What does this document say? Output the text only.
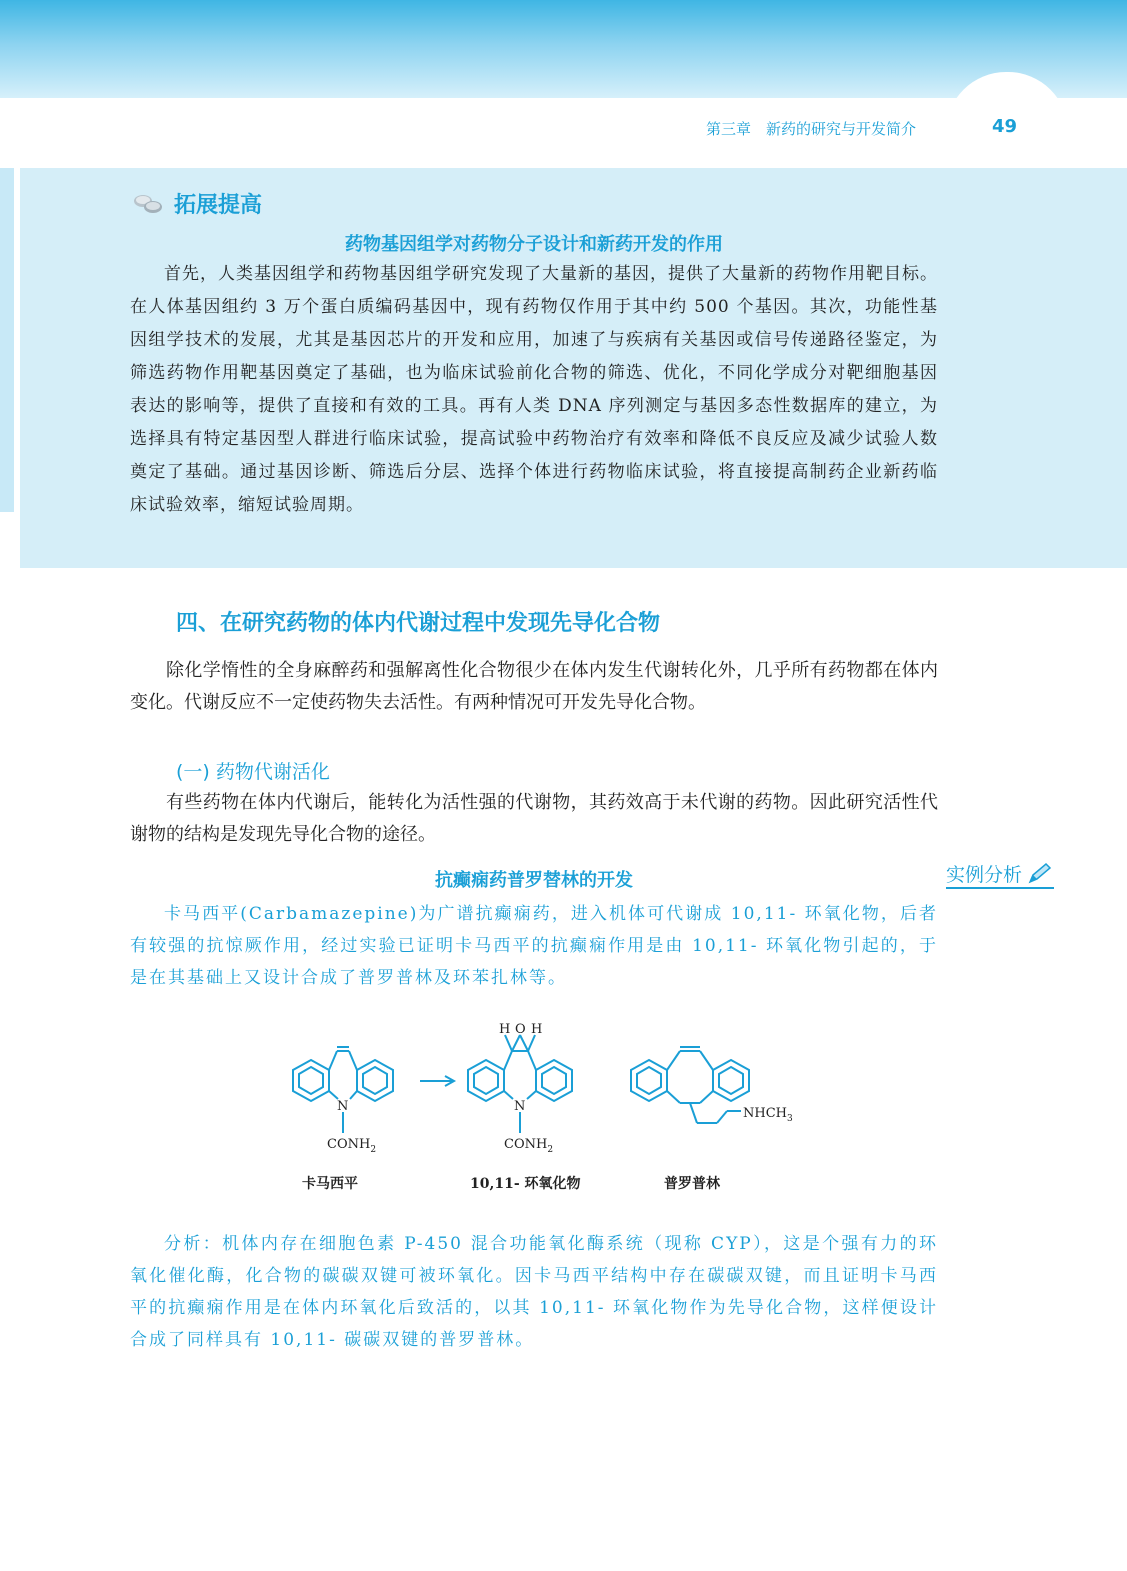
第三章　新药的研究与开发简介	49
拓展提高
药物基因组学对药物分子设计和新药开发的作用
首先，人类基因组学和药物基因组学研究发现了大量新的基因，提供了大量新的药物作用靶目标。在人体基因组约 3 万个蛋白质编码基因中，现有药物仅作用于其中约 500 个基因。其次，功能性基因组学技术的发展，尤其是基因芯片的开发和应用，加速了与疾病有关基因或信号传递路径鉴定，为筛选药物作用靶基因奠定了基础，也为临床试验前化合物的筛选、优化，不同化学成分对靶细胞基因表达的影响等，提供了直接和有效的工具。再有人类 DNA 序列测定与基因多态性数据库的建立，为选择具有特定基因型人群进行临床试验，提高试验中药物治疗有效率和降低不良反应及减少试验人数奠定了基础。通过基因诊断、筛选后分层、选择个体进行药物临床试验，将直接提高制药企业新药临床试验效率，缩短试验周期。
四、在研究药物的体内代谢过程中发现先导化合物
除化学惰性的全身麻醉药和强解离性化合物很少在体内发生代谢转化外，几乎所有药物都在体内变化。代谢反应不一定使药物失去活性。有两种情况可开发先导化合物。
(一) 药物代谢活化
有些药物在体内代谢后，能转化为活性强的代谢物，其药效高于未代谢的药物。因此研究活性代谢物的结构是发现先导化合物的途径。
抗癫痫药普罗替林的开发	实例分析
卡马西平(Carbamazepine)为广谱抗癫痫药，进入机体可代谢成 10,11- 环氧化物，后者有较强的抗惊厥作用，经过实验已证明卡马西平的抗癫痫作用是由 10,11- 环氧化物引起的，于是在其基础上又设计合成了普罗普林及环苯扎林等。
N
$CONH_2$
H O H
N
$CONH_2$
$NHCH_3$
卡马西平	10,11- 环氧化物	普罗普林
分析：机体内存在细胞色素 P-450 混合功能氧化酶系统（现称 CYP），这是个强有力的环氧化催化酶，化合物的碳碳双键可被环氧化。因卡马西平结构中存在碳碳双键，而且证明卡马西平的抗癫痫作用是在体内环氧化后致活的，以其 10,11- 环氧化物作为先导化合物，这样便设计合成了同样具有 10,11- 碳碳双键的普罗普林。
